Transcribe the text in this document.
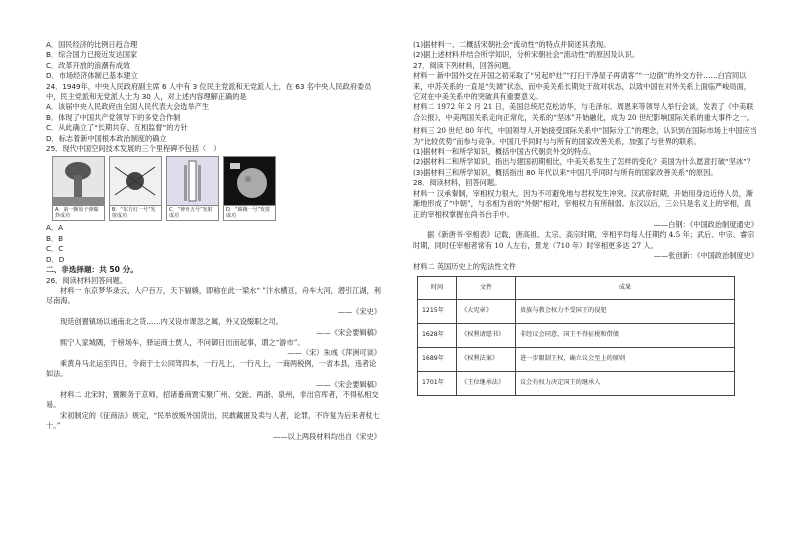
A．国民经济的比例日趋合理

B．综合国力已接近发达国家

C．改革开放的浪潮有成效

D．市场经济体制已基本建立

24．1949年，中央人民政府副主席 6 人中有 3 位民主党派和无党派人士，在 63 名中央人民政府委员中，民主党派和无党派人士为 30 人，对上述内容理解正确的是

A．该届中央人民政府由全国人民代表大会选举产生

B．体现了中国共产党领导下的多党合作制

C．从此确立了“长期共存、互相监督”的方针

D．标志着新中国根本政治制度的确立

25．现代中国空间技术发展的三个里程碑不包括（　）

A．第一颗原子弹爆炸成功
B．“东方红一号”发射成功
C．“神舟五号”发射成功
D．“嫦娥一号”发射成功

A．A

B．B

C．C

D．D

二、非选择题：共 50 分。

26．阅读材料回答问题。

材料一 东京梦华录云，人户百万，天下辐辏，即称在此一梁水“ ”汴水横亘，舟车大河，潜引江湖，利尽南海。

——《宋史》

现廷创置镇场以递南北之货……内又设市课忽之属，外又设缀职之司。

——《宋会要辑稿》

熙宁人家城隅，于榜场车，驿运商士贾人，不问御日出而起事，谓之“游市”。

——（宋）朱彧《萍洲可谈》

乘黄舟马北运至四日，令商于士公同驾四本，一行凡上，一行凡上，一商两税例，一省本县，违者论如法。

——《宋会要辑稿》

材料二 北宋时，置额务于京师，招诸番商贾实聚广州、交趾、两浙、泉州，非出官库者，不得私相交易。

宋初制定的《征商法》规定，“民举放贩外国货出，民敢藏匿及卖与人者，论罪，不许复为后来者杖七十。”

——以上两段材料均出自《宋史》

(1)据材料一、二概括宋朝社会“流动性”的特点并简述其表现。

(2)据上述材料并结合所学知识，分析宋朝社会“流动性”的原因及认识。

27．阅读下列材料，回答问题。

材料一 新中国外交在开国之初采取了“另起炉灶”“打扫干净屋子再请客”“一边倒”的外交方针……白宫同以来，中苏关系的一直是“失调”状态，而中美关系长期处于敌对状态，以致中国在对外关系上面临严峻局面，它对在中美关系中的突破具有重要意义。

材料二 1972 年 2 月 21 日，美国总统尼克松访华，与毛泽东、周恩来等领导人举行会谈，发表了《中美联合公报》，中美两国关系走向正常化，关系的“坚冰”开始融化，成为 20 世纪影响国际关系的重大事件之一。

材料三 20 世纪 80 年代，中国领导人开始接受国际关系中“国际分工”的理念，认识到在国际市场上中国应当为“比较优势”而参与竞争。中国几乎同时与与所有的国家改善关系，加强了与世界的联系。

(1)据材料一和所学知识，概括中国古代朝贡外交的特点。

(2)据材料二和所学知识，指出与建国初期相比，中美关系发生了怎样的变化？美国为什么愿意打破“坚冰”？

(3)据材料三和所学知识，概括指出 80 年代以来“中国几乎同时与所有的国家改善关系”的原因。

28．阅读材料，回答问题。

材料一 汉承秦制，宰相权力很大，因为不可避免地与君权发生冲突。汉武帝时期，开始用身边近侍人员，渐渐地形成了“中朝”，与丞相为首的“外朝”相对，宰相权力有所削弱。东汉以后，三公只是名义上的宰相，真正的宰相权掌握在尚书台手中。

——白钢：《中国政治制度通史》

据《新唐书·宰相表》记载，唐高祖、太宗、高宗时期，宰相平均每人任期约 4.5 年；武后、中宗、睿宗时期，同时任宰相者常有 10 人左右，景龙（710 年）时宰相更多达 27 人。

——张创新：《中国政治制度史》

材料二 英国历史上的宪法性文件

时间	文件	成果
1215年	《大宪章》	贵族与教会权力不受国王的侵犯
1628年	《权利请愿书》	非经议会同意，国王不得征税和借债
1689年	《权利法案》	进一步限制王权，确立议会至上的原则
1701年	《王位继承法》	议会有权力决定国王的继承人
